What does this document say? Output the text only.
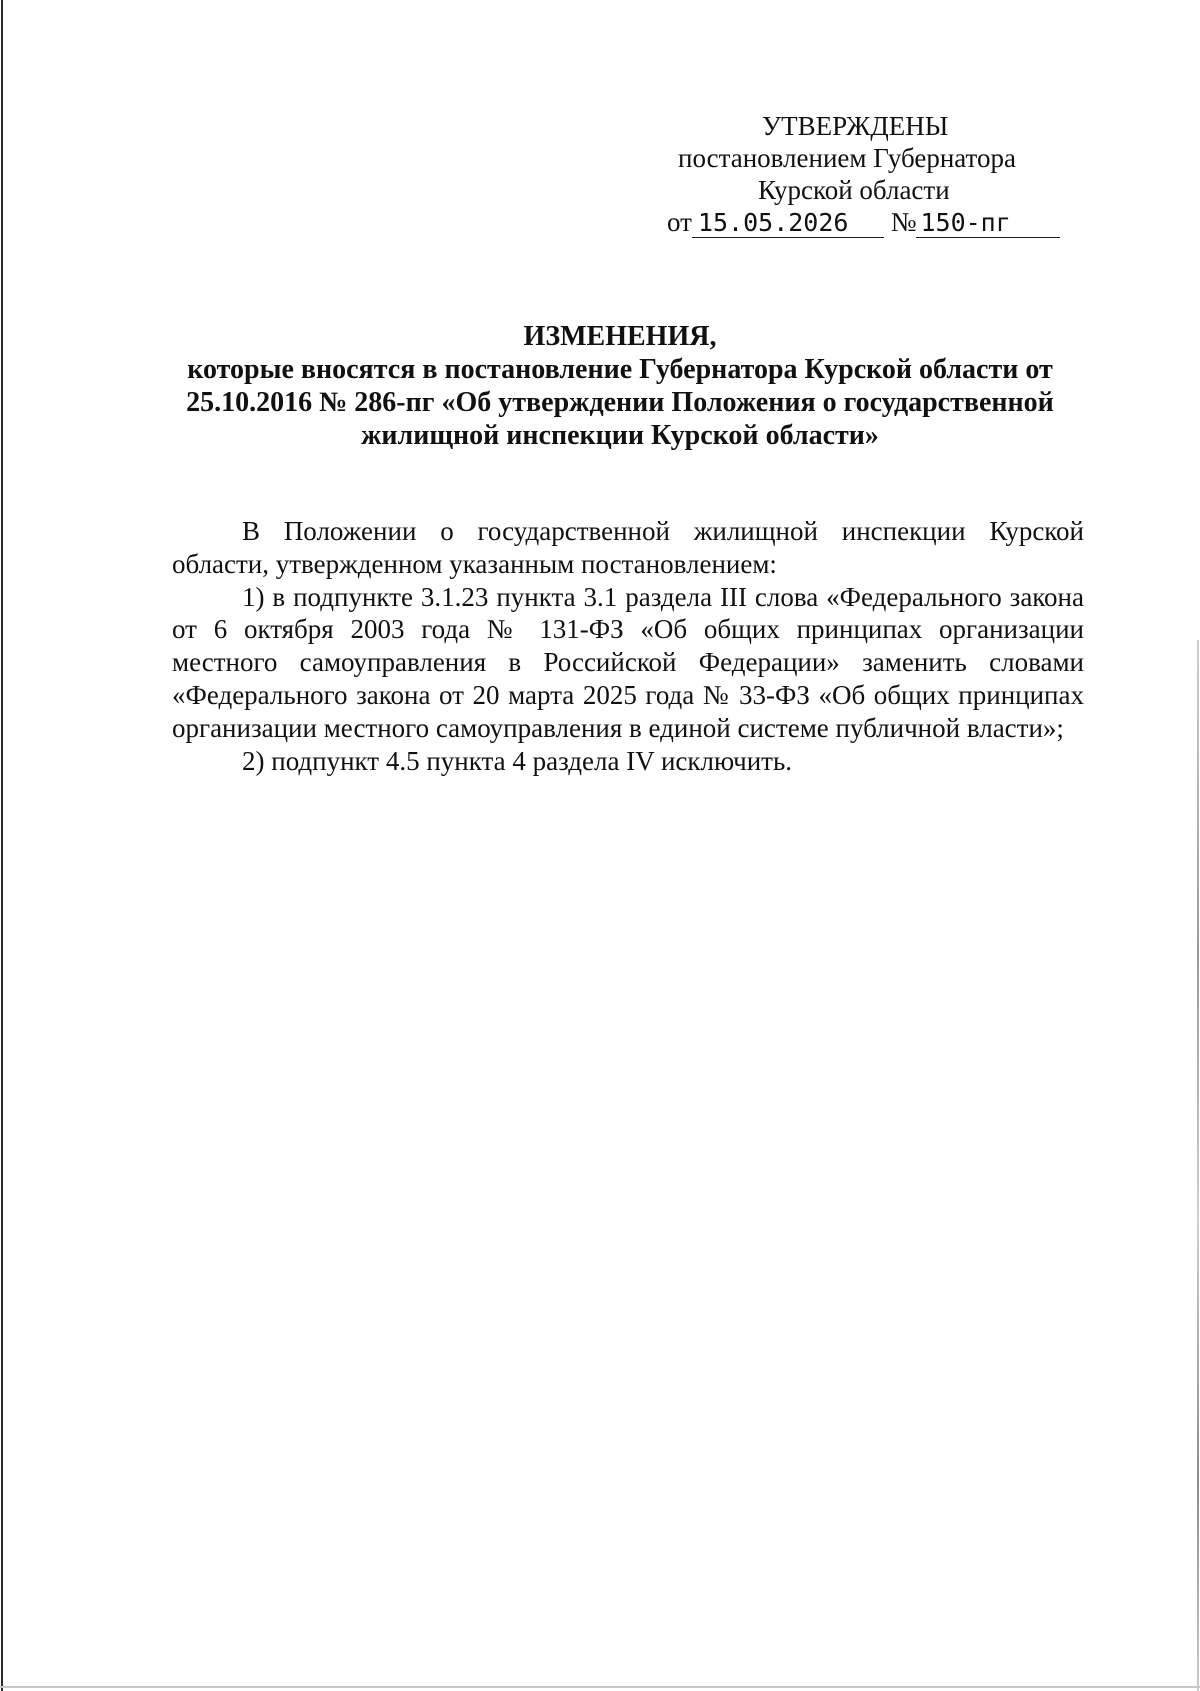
УТВЕРЖДЕНЫ
постановлением Губернатора
Курской области
от 15.05.2026 № 150-пг
ИЗМЕНЕНИЯ,
которые вносятся в постановление Губернатора Курской области от
25.10.2016 № 286-пг «Об утверждении Положения о государственной
жилищной инспекции Курской области»

В Положении о государственной жилищной инспекции Курской области, утвержденном указанным постановлением:

1) в подпункте 3.1.23 пункта 3.1 раздела III слова «Федерального закона от 6 октября 2003 года № 131-ФЗ «Об общих принципах организации местного самоуправления в Российской Федерации» заменить словами «Федерального закона от 20 марта 2025 года № 33-ФЗ «Об общих принципах организации местного самоуправления в единой системе публичной власти»;

2) подпункт 4.5 пункта 4 раздела IV исключить.
